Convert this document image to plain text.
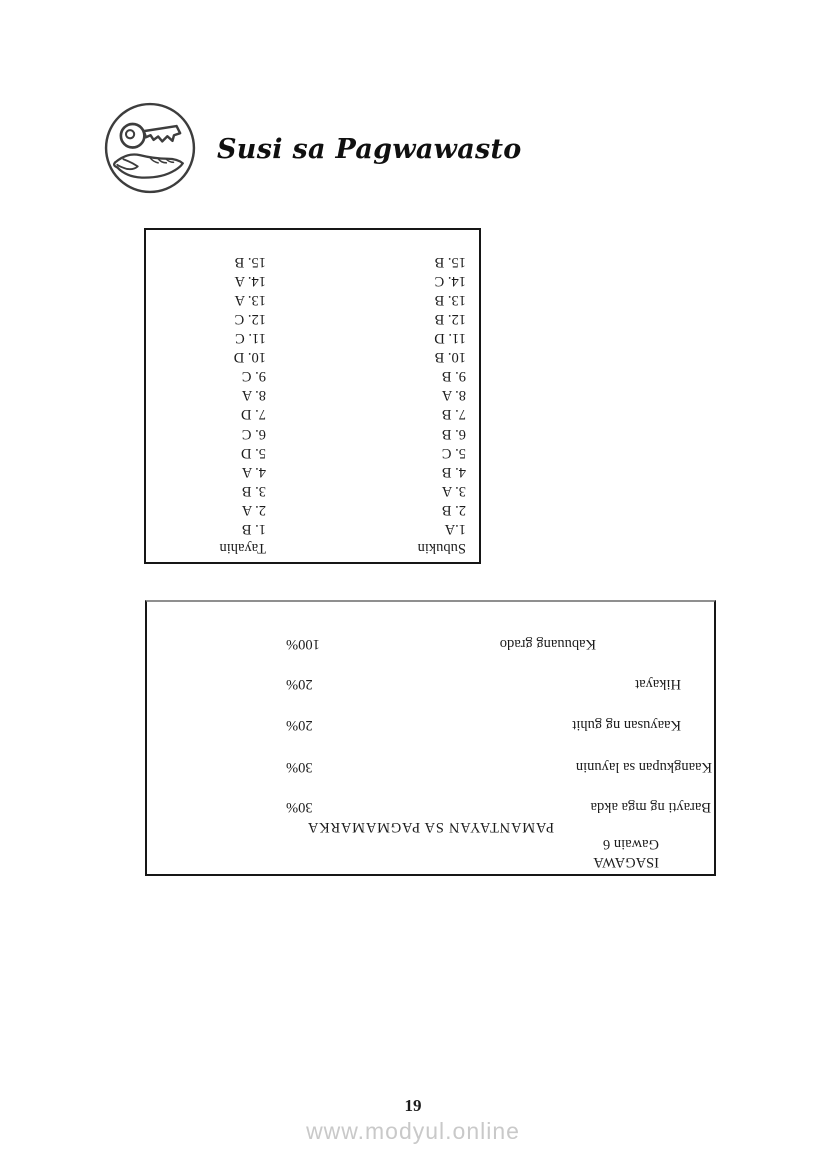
Susi sa Pagwawasto
Subukin
1.A
2. B
3. A
4. B
5. C
6. B
7. B
8. A
9. B
10. B
11. D
12. B
13. B
14. C
15. B
Tayahin
1. B
2. A
3. B
4. A
5. D
6. C
7. D
8. A
9. C
10. D
11. C
12. C
13. A
14. A
15. B
ISAGAWA
Gawain 6
PAMANTAYAN SA PAGMAMARKA
Barayti ng mga akda
30%
Kaangkupan sa layunin
30%
Kaayusan ng guhit
20%
Hikayat
20%
Kabuuang grado
100%
19
www.modyul.online
